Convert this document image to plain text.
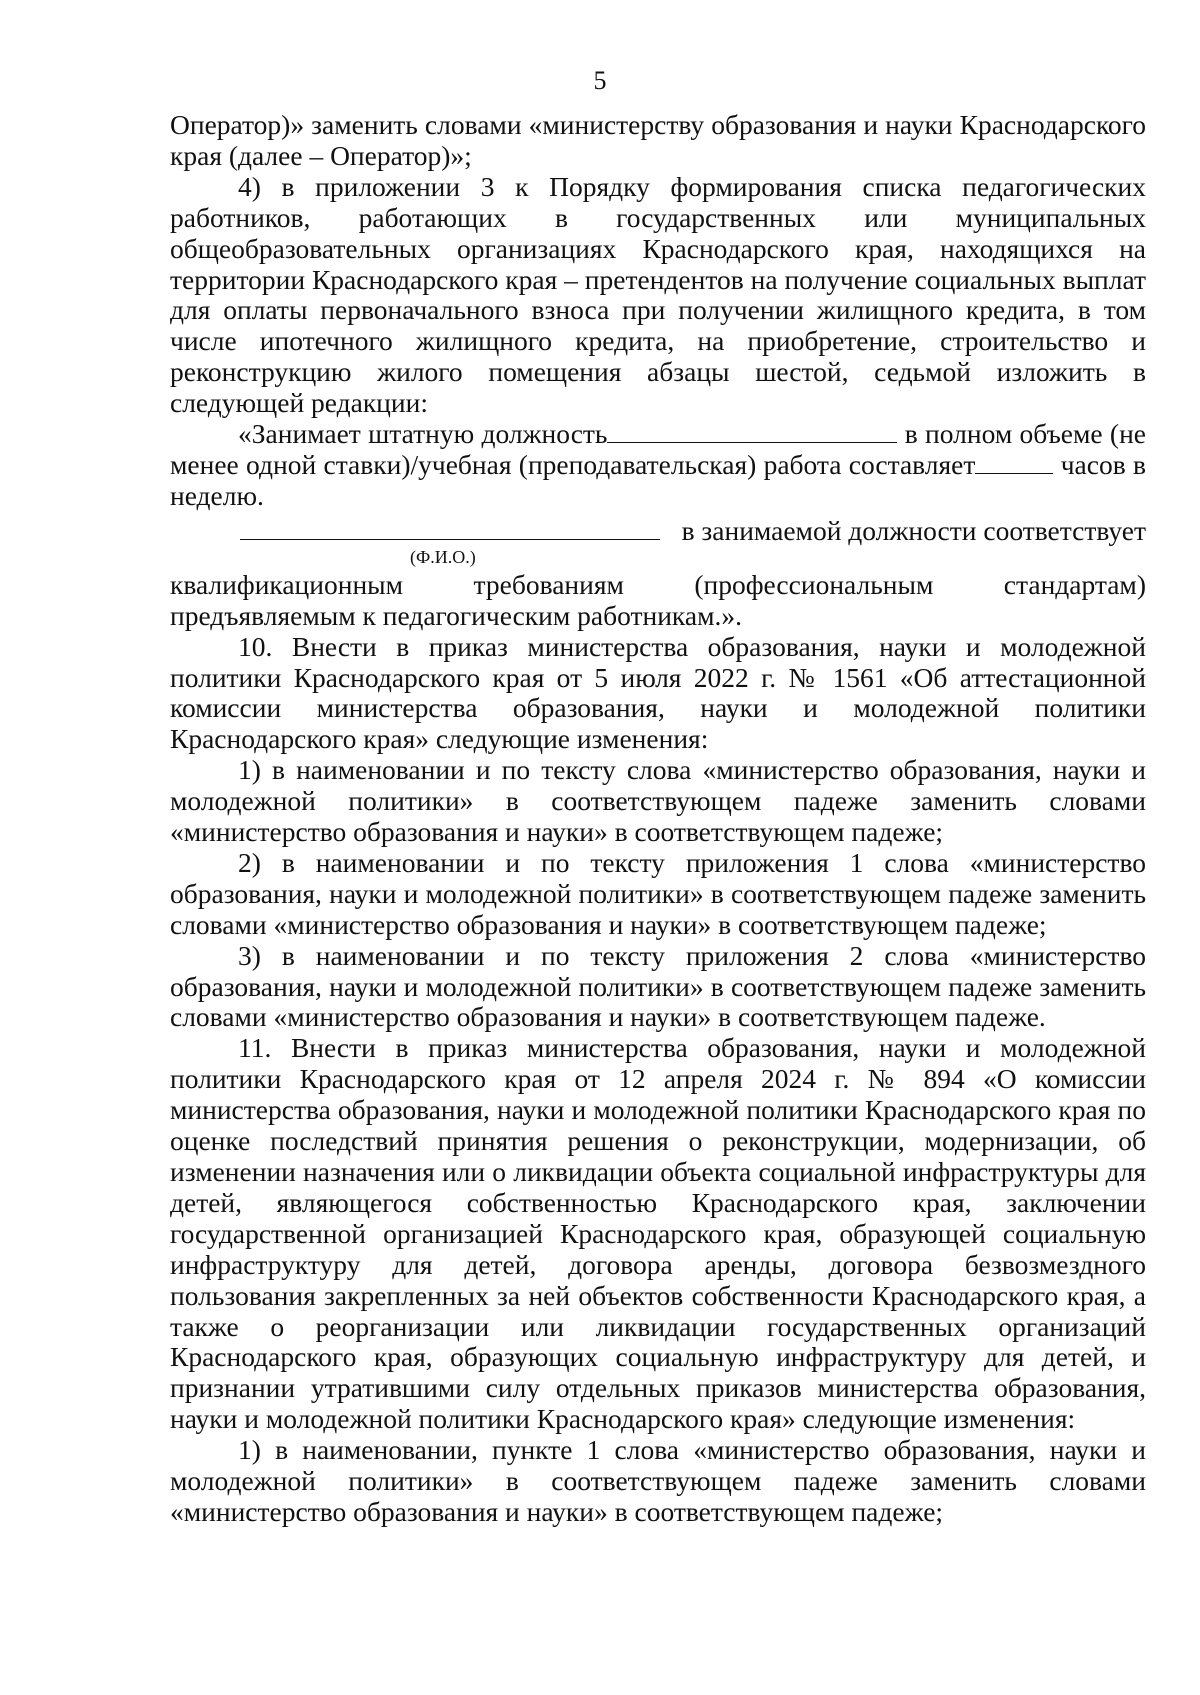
5

Оператор)» заменить словами «министерству образования и науки Краснодарского края (далее – Оператор)»;

4) в приложении 3 к Порядку формирования списка педагогических работников, работающих в государственных или муниципальных общеобразовательных организациях Краснодарского края, находящихся на территории Краснодарского края – претендентов на получение социальных выплат для оплаты первоначального взноса при получении жилищного кредита, в том числе ипотечного жилищного кредита, на приобретение, строительство и реконструкцию жилого помещения абзацы шестой, седьмой изложить в следующей редакции:

«Занимает штатную должность	в полном объеме (не менее одной ставки)/учебная (преподавательская) работа составляет	часов в неделю.

в занимаемой должности соответствует
(Ф.И.О.)

квалификационным требованиям (профессиональным стандартам) предъявляемым к педагогическим работникам.».

10. Внести в приказ министерства образования, науки и молодежной политики Краснодарского края от 5 июля 2022 г. № 1561 «Об аттестационной комиссии министерства образования, науки и молодежной политики Краснодарского края» следующие изменения:

1) в наименовании и по тексту слова «министерство образования, науки и молодежной политики» в соответствующем падеже заменить словами «министерство образования и науки» в соответствующем падеже;

2) в наименовании и по тексту приложения 1 слова «министерство образования, науки и молодежной политики» в соответствующем падеже заменить словами «министерство образования и науки» в соответствующем падеже;

3) в наименовании и по тексту приложения 2 слова «министерство образования, науки и молодежной политики» в соответствующем падеже заменить словами «министерство образования и науки» в соответствующем падеже.

11. Внести в приказ министерства образования, науки и молодежной политики Краснодарского края от 12 апреля 2024 г. № 894 «О комиссии министерства образования, науки и молодежной политики Краснодарского края по оценке последствий принятия решения о реконструкции, модернизации, об изменении назначения или о ликвидации объекта социальной инфраструктуры для детей, являющегося собственностью Краснодарского края, заключении государственной организацией Краснодарского края, образующей социальную инфраструктуру для детей, договора аренды, договора безвозмездного пользования закрепленных за ней объектов собственности Краснодарского края, а также о реорганизации или ликвидации государственных организаций Краснодарского края, образующих социальную инфраструктуру для детей, и признании утратившими силу отдельных приказов министерства образования, науки и молодежной политики Краснодарского края» следующие изменения:

1) в наименовании, пункте 1 слова «министерство образования, науки и молодежной политики» в соответствующем падеже заменить словами «министерство образования и науки» в соответствующем падеже;
